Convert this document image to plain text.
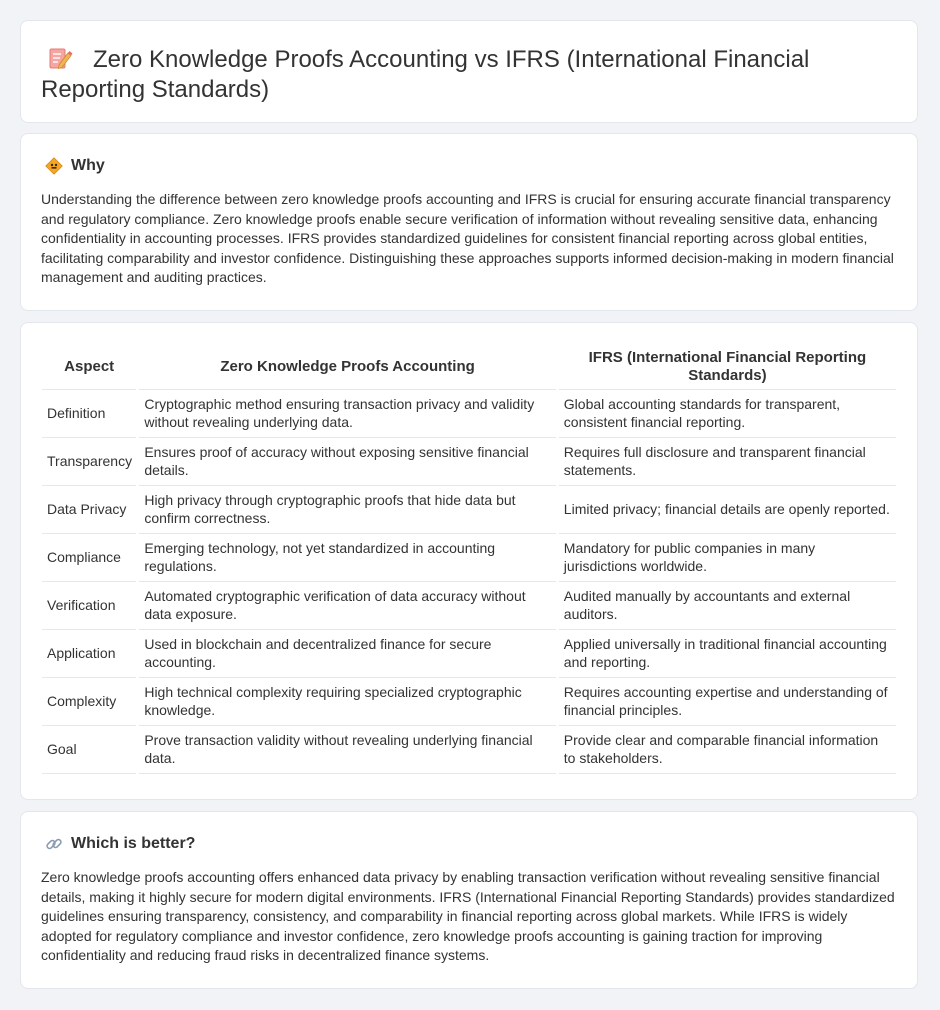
Zero Knowledge Proofs Accounting vs IFRS (International Financial Reporting Standards)
Why

Understanding the difference between zero knowledge proofs accounting and IFRS is crucial for ensuring accurate financial transparency and regulatory compliance. Zero knowledge proofs enable secure verification of information without revealing sensitive data, enhancing confidentiality in accounting processes. IFRS provides standardized guidelines for consistent financial reporting across global entities, facilitating comparability and investor confidence. Distinguishing these approaches supports informed decision-making in modern financial management and auditing practices.

Aspect	Zero Knowledge Proofs Accounting	IFRS (International Financial Reporting Standards)
Definition	Cryptographic method ensuring transaction privacy and validity without revealing underlying data.	Global accounting standards for transparent, consistent financial reporting.
Transparency	Ensures proof of accuracy without exposing sensitive financial details.	Requires full disclosure and transparent financial statements.
Data Privacy	High privacy through cryptographic proofs that hide data but confirm correctness.	Limited privacy; financial details are openly reported.
Compliance	Emerging technology, not yet standardized in accounting regulations.	Mandatory for public companies in many jurisdictions worldwide.
Verification	Automated cryptographic verification of data accuracy without data exposure.	Audited manually by accountants and external auditors.
Application	Used in blockchain and decentralized finance for secure accounting.	Applied universally in traditional financial accounting and reporting.
Complexity	High technical complexity requiring specialized cryptographic knowledge.	Requires accounting expertise and understanding of financial principles.
Goal	Prove transaction validity without revealing underlying financial data.	Provide clear and comparable financial information to stakeholders.
Which is better?

Zero knowledge proofs accounting offers enhanced data privacy by enabling transaction verification without revealing sensitive financial details, making it highly secure for modern digital environments. IFRS (International Financial Reporting Standards) provides standardized guidelines ensuring transparency, consistency, and comparability in financial reporting across global markets. While IFRS is widely adopted for regulatory compliance and investor confidence, zero knowledge proofs accounting is gaining traction for improving confidentiality and reducing fraud risks in decentralized finance systems.
